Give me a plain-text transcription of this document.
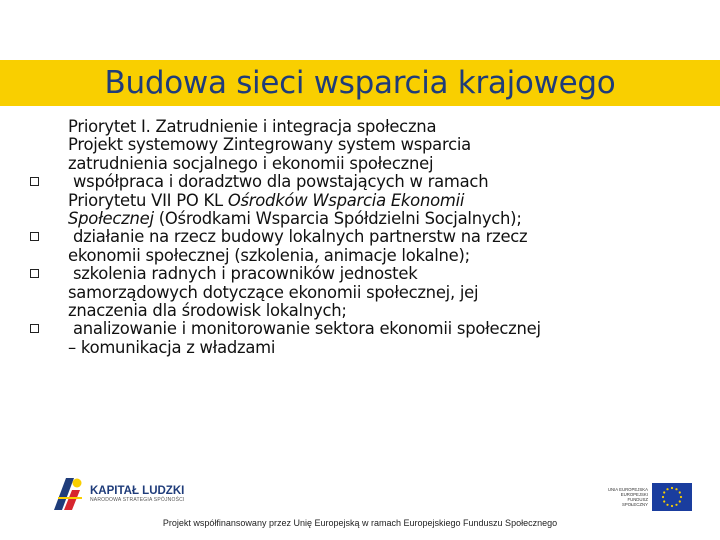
Budowa sieci wsparcia krajowego
Priorytet I. Zatrudnienie i integracja społeczna
Projekt systemowy Zintegrowany system wsparcia
zatrudnienia socjalnego i ekonomii społecznej
współpraca i doradztwo dla powstających w ramach
Priorytetu VII PO KL Ośrodków Wsparcia Ekonomii
Społecznej (Ośrodkami Wsparcia Spółdzielni Socjalnych);
działanie na rzecz budowy lokalnych partnerstw na rzecz
ekonomii społecznej (szkolenia, animacje lokalne);
szkolenia radnych i pracowników jednostek
samorządowych dotyczące ekonomii społecznej, jej
znaczenia dla środowisk lokalnych;
analizowanie i monitorowanie sektora ekonomii społecznej
– komunikacja z władzami
KAPITAŁ LUDZKI
NARODOWA STRATEGIA SPÓJNOŚCI
UNIA EUROPEJSKA
EUROPEJSKI
FUNDUSZ SPOŁECZNY
Projekt współfinansowany przez Unię Europejską w ramach Europejskiego Funduszu Społecznego
